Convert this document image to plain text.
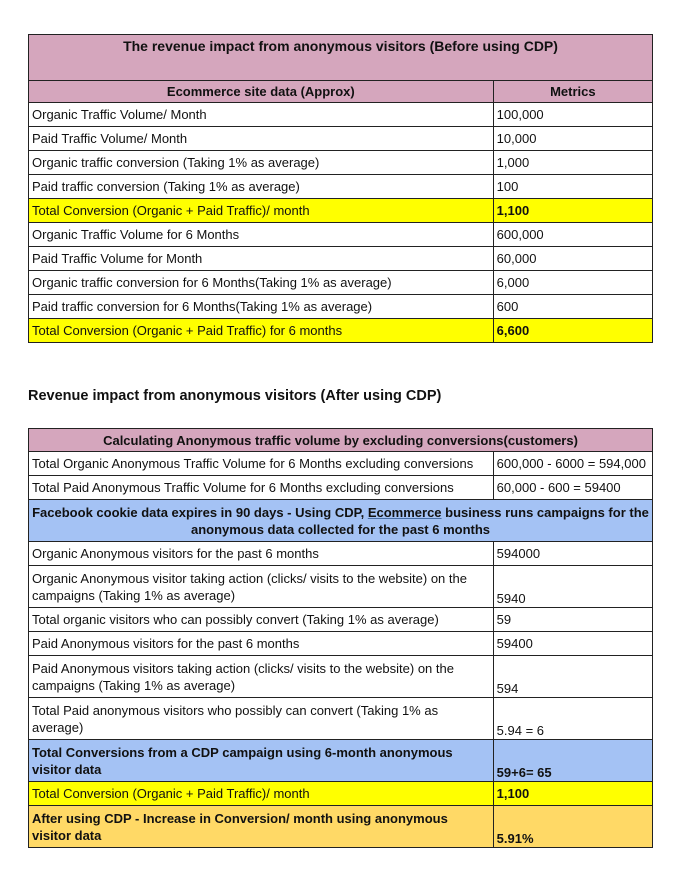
The revenue impact from anonymous visitors (Before using CDP)	
Ecommerce site data (Approx)	Metrics
Organic Traffic Volume/ Month	100,000
Paid Traffic Volume/ Month	10,000
Organic traffic conversion (Taking 1% as average)	1,000
Paid traffic conversion (Taking 1% as average)	100
Total Conversion (Organic + Paid Traffic)/ month	1,100
Organic Traffic Volume for 6 Months	600,000
Paid Traffic Volume for Month	60,000
Organic traffic conversion for 6 Months(Taking 1% as average)	6,000
Paid traffic conversion for 6 Months(Taking 1% as average)	600
Total Conversion (Organic + Paid Traffic) for 6 months	6,600

Revenue impact from anonymous visitors (After using CDP)

Calculating Anonymous traffic volume by excluding conversions(customers)	
Total Organic Anonymous Traffic Volume for 6 Months excluding conversions	600,000 - 6000 = 594,000
Total Paid Anonymous Traffic Volume for 6 Months excluding conversions	60,000 - 600 = 59400
Facebook cookie data expires in 90 days - Using CDP, Ecommerce business runs campaigns for the anonymous data collected for the past 6 months	
Organic Anonymous visitors for the past 6 months	594000
Organic Anonymous visitor taking action (clicks/ visits to the website) on the campaigns (Taking 1% as average)	5940
Total organic visitors who can possibly convert (Taking 1% as average)	59
Paid Anonymous visitors for the past 6 months	59400
Paid Anonymous visitors taking action (clicks/ visits to the website) on the campaigns (Taking 1% as average)	594
Total Paid anonymous visitors who possibly can convert (Taking 1% as average)	5.94 = 6
Total Conversions from a CDP campaign using 6-month anonymous visitor data	59+6= 65
Total Conversion (Organic + Paid Traffic)/ month	1,100
After using CDP - Increase in Conversion/ month using anonymous visitor data	5.91%
